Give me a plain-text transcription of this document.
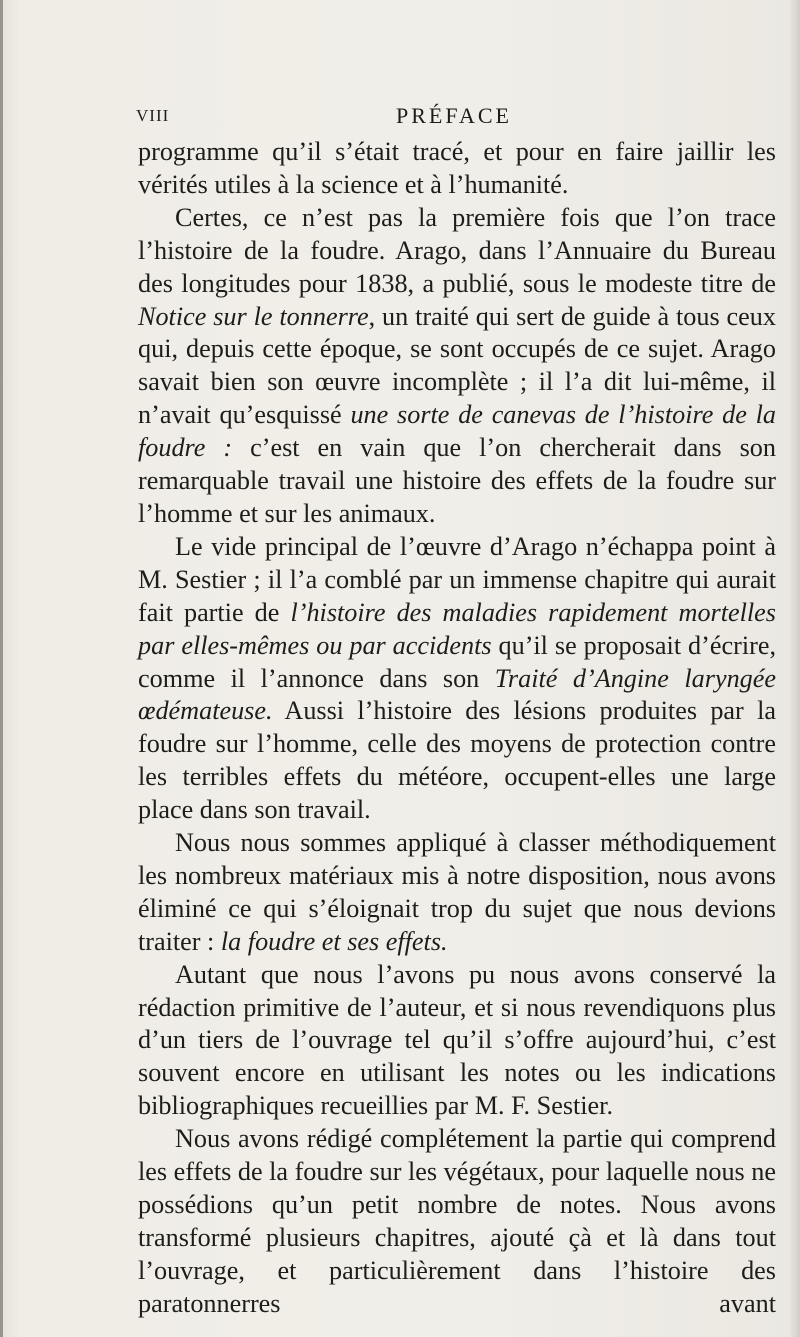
VIII	PRÉFACE

programme qu’il s’était tracé, et pour en faire jaillir les vérités utiles à la science et à l’humanité.

Certes, ce n’est pas la première fois que l’on trace l’histoire de la foudre. Arago, dans l’Annuaire du Bureau des longitudes pour 1838, a publié, sous le modeste titre de Notice sur le tonnerre, un traité qui sert de guide à tous ceux qui, depuis cette époque, se sont occupés de ce sujet. Arago savait bien son œuvre incomplète ; il l’a dit lui-même, il n’avait qu’esquissé une sorte de canevas de l’histoire de la foudre : c’est en vain que l’on chercherait dans son remarquable travail une histoire des effets de la foudre sur l’homme et sur les animaux.

Le vide principal de l’œuvre d’Arago n’échappa point à M. Sestier ; il l’a comblé par un immense chapitre qui aurait fait partie de l’histoire des maladies rapidement mortelles par elles-mêmes ou par accidents qu’il se proposait d’écrire, comme il l’annonce dans son Traité d’Angine laryngée œdémateuse. Aussi l’histoire des lésions produites par la foudre sur l’homme, celle des moyens de protection contre les terribles effets du météore, occupent-elles une large place dans son travail.

Nous nous sommes appliqué à classer méthodiquement les nombreux matériaux mis à notre disposition, nous avons éliminé ce qui s’éloignait trop du sujet que nous devions traiter : la foudre et ses effets.

Autant que nous l’avons pu nous avons conservé la rédaction primitive de l’auteur, et si nous revendiquons plus d’un tiers de l’ouvrage tel qu’il s’offre aujourd’hui, c’est souvent encore en utilisant les notes ou les indications bibliographiques recueillies par M. F. Sestier.

Nous avons rédigé complétement la partie qui comprend les effets de la foudre sur les végétaux, pour laquelle nous ne possédions qu’un petit nombre de notes. Nous avons transformé plusieurs chapitres, ajouté çà et là dans tout l’ouvrage, et particulièrement dans l’histoire des paratonnerres avant
